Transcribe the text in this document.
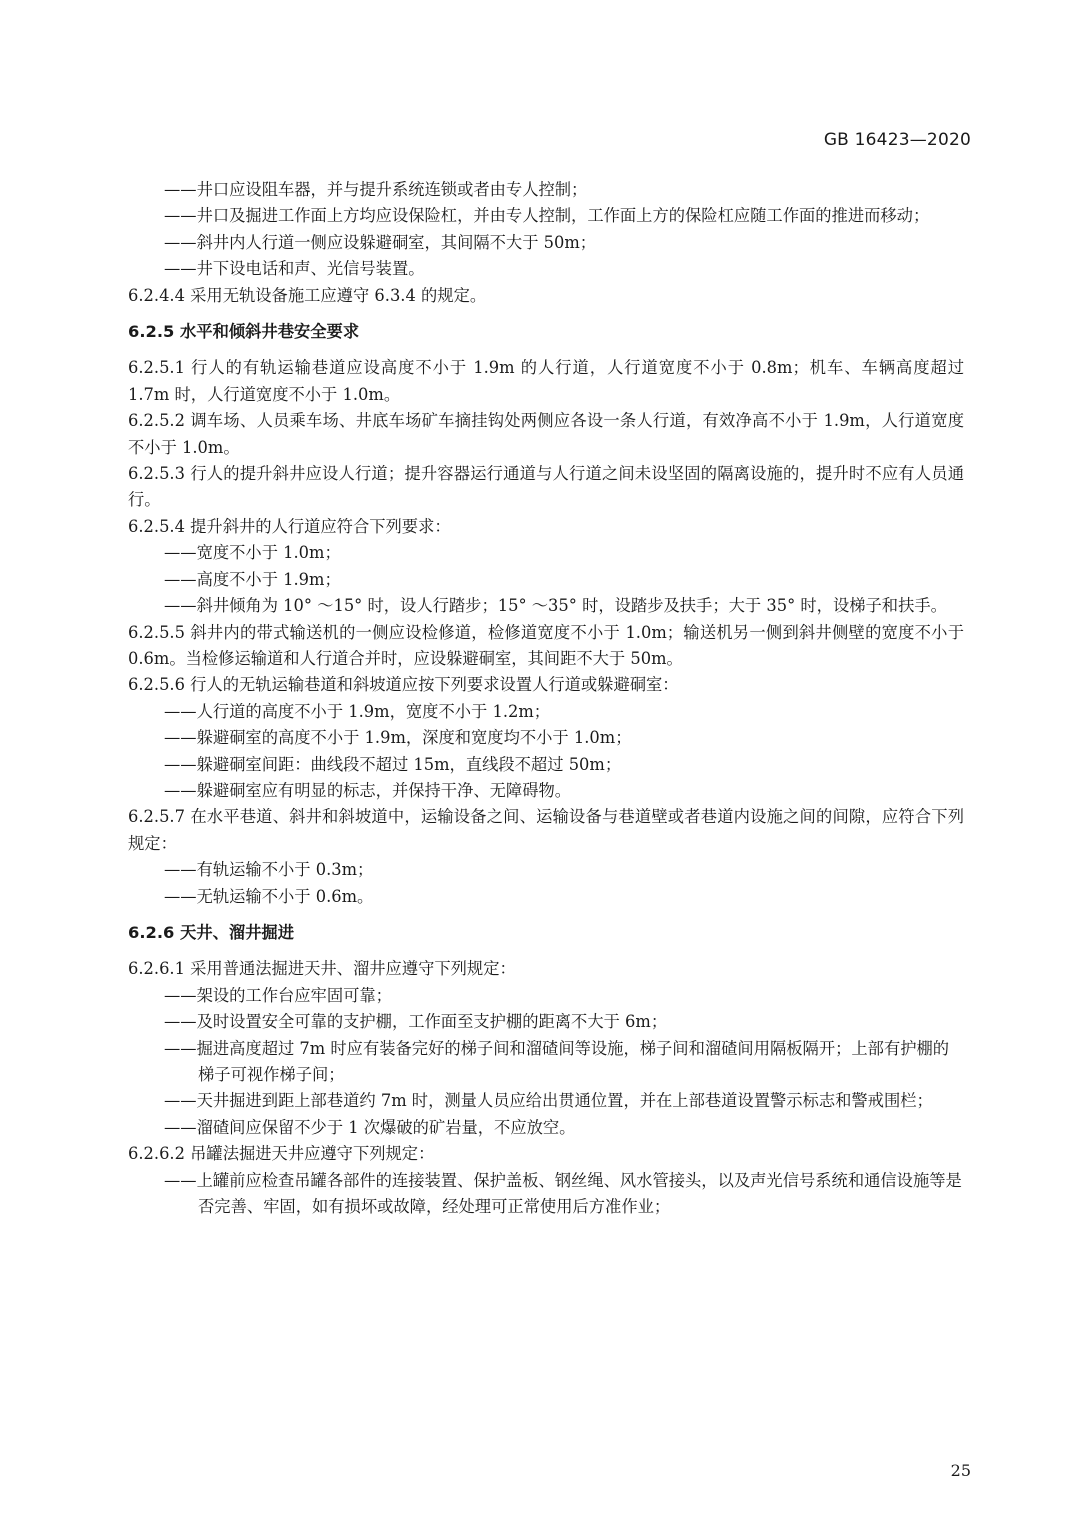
GB 16423—2020

——井口应设阻车器，并与提升系统连锁或者由专人控制；

——井口及掘进工作面上方均应设保险杠，并由专人控制，工作面上方的保险杠应随工作面的推进而移动；

——斜井内人行道一侧应设躲避硐室，其间隔不大于 50m；

——井下设电话和声、光信号装置。

6.2.4.4 采用无轨设备施工应遵守 6.3.4 的规定。

6.2.5 水平和倾斜井巷安全要求

6.2.5.1 行人的有轨运输巷道应设高度不小于 1.9m 的人行道，人行道宽度不小于 0.8m；机车、车辆高度超过 1.7m 时，人行道宽度不小于 1.0m。

6.2.5.2 调车场、人员乘车场、井底车场矿车摘挂钩处两侧应各设一条人行道，有效净高不小于 1.9m，人行道宽度不小于 1.0m。

6.2.5.3 行人的提升斜井应设人行道；提升容器运行通道与人行道之间未设坚固的隔离设施的，提升时不应有人员通行。

6.2.5.4 提升斜井的人行道应符合下列要求：

——宽度不小于 1.0m；

——高度不小于 1.9m；

——斜井倾角为 10° ～15° 时，设人行踏步；15° ～35° 时，设踏步及扶手；大于 35° 时，设梯子和扶手。

6.2.5.5 斜井内的带式输送机的一侧应设检修道，检修道宽度不小于 1.0m；输送机另一侧到斜井侧壁的宽度不小于 0.6m。当检修运输道和人行道合并时，应设躲避硐室，其间距不大于 50m。

6.2.5.6 行人的无轨运输巷道和斜坡道应按下列要求设置人行道或躲避硐室：

——人行道的高度不小于 1.9m，宽度不小于 1.2m；

——躲避硐室的高度不小于 1.9m，深度和宽度均不小于 1.0m；

——躲避硐室间距：曲线段不超过 15m，直线段不超过 50m；

——躲避硐室应有明显的标志，并保持干净、无障碍物。

6.2.5.7 在水平巷道、斜井和斜坡道中，运输设备之间、运输设备与巷道壁或者巷道内设施之间的间隙，应符合下列规定：

——有轨运输不小于 0.3m；

——无轨运输不小于 0.6m。

6.2.6 天井、溜井掘进

6.2.6.1 采用普通法掘进天井、溜井应遵守下列规定：

——架设的工作台应牢固可靠；

——及时设置安全可靠的支护棚，工作面至支护棚的距离不大于 6m；

——掘进高度超过 7m 时应有装备完好的梯子间和溜碴间等设施，梯子间和溜碴间用隔板隔开；上部有护棚的梯子可视作梯子间；

——天井掘进到距上部巷道约 7m 时，测量人员应给出贯通位置，并在上部巷道设置警示标志和警戒围栏；

——溜碴间应保留不少于 1 次爆破的矿岩量，不应放空。

6.2.6.2 吊罐法掘进天井应遵守下列规定：

——上罐前应检查吊罐各部件的连接装置、保护盖板、钢丝绳、风水管接头，以及声光信号系统和通信设施等是否完善、牢固，如有损坏或故障，经处理可正常使用后方准作业；

25
